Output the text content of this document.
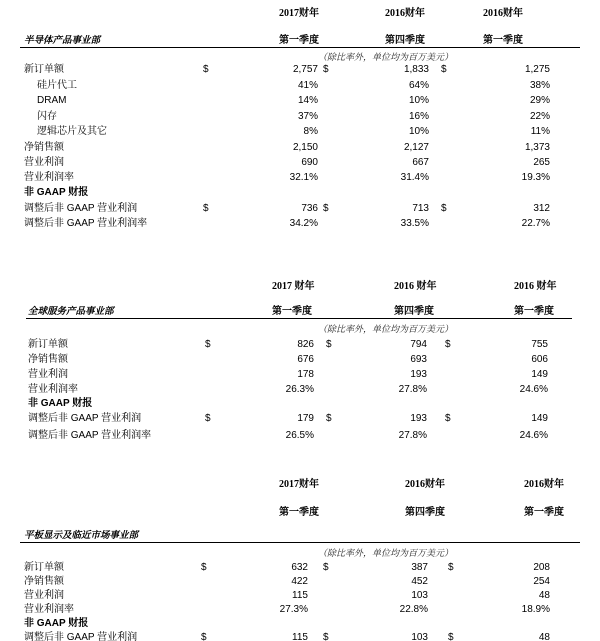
2017财年	2016财年	2016财年
半导体产品事业部	第一季度	第四季度	第一季度
（除比率外，单位均为百万美元）
新订单额	$	2,757 $	1,833 $	1,275
硅片代工	41%	64%	38%
DRAM	14%	10%	29%
闪存	37%	16%	22%
逻辑芯片及其它	8%	10%	11%
净销售额	2,150	2,127	1,373
营业利润	690	667	265
营业利润率	32.1%	31.4%	19.3%
非 GAAP 财报
调整后非 GAAP 营业利润	$	736 $	713 $	312
调整后非 GAAP 营业利润率	34.2%	33.5%	22.7%
2017 财年	2016 财年	2016 财年
全球服务产品事业部	第一季度	第四季度	第一季度
（除比率外，单位均为百万美元）
新订单额	$	826 $	794 $	755
净销售额	676	693	606
营业利润	178	193	149
营业利润率	26.3%	27.8%	24.6%
非 GAAP 财报
调整后非 GAAP 营业利润	$	179 $	193 $	149
调整后非 GAAP 营业利润率	26.5%	27.8%	24.6%
2017财年	2016财年	2016财年
第一季度	第四季度	第一季度
平板显示及临近市场事业部
（除比率外，单位均为百万美元）
新订单额	$	632 $	387 $	208
净销售额	422	452	254
营业利润	115	103	48
营业利润率	27.3%	22.8%	18.9%
非 GAAP 财报
调整后非 GAAP 营业利润	$	115 $	103 $	48
